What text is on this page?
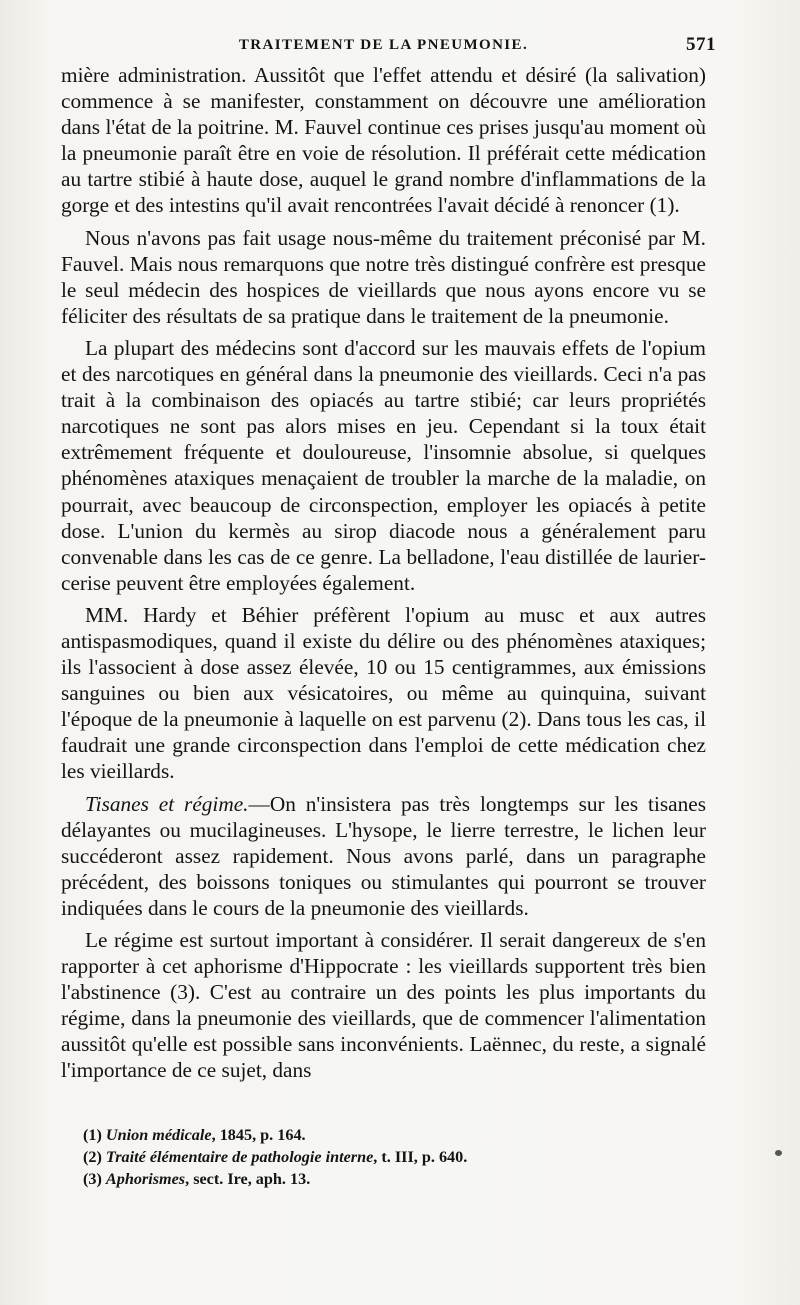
TRAITEMENT DE LA PNEUMONIE.	571

mière administration. Aussitôt que l'effet attendu et désiré (la salivation) commence à se manifester, constamment on découvre une amélioration dans l'état de la poitrine. M. Fauvel continue ces prises jusqu'au moment où la pneumonie paraît être en voie de résolution. Il préférait cette médication au tartre stibié à haute dose, auquel le grand nombre d'inflammations de la gorge et des intestins qu'il avait rencontrées l'avait décidé à renoncer (1).

Nous n'avons pas fait usage nous-même du traitement préconisé par M. Fauvel. Mais nous remarquons que notre très distingué confrère est presque le seul médecin des hospices de vieillards que nous ayons encore vu se féliciter des résultats de sa pratique dans le traitement de la pneumonie.

La plupart des médecins sont d'accord sur les mauvais effets de l'opium et des narcotiques en général dans la pneumonie des vieillards. Ceci n'a pas trait à la combinaison des opiacés au tartre stibié; car leurs propriétés narcotiques ne sont pas alors mises en jeu. Cependant si la toux était extrêmement fréquente et douloureuse, l'insomnie absolue, si quelques phénomènes ataxiques menaçaient de troubler la marche de la maladie, on pourrait, avec beaucoup de circonspection, employer les opiacés à petite dose. L'union du kermès au sirop diacode nous a généralement paru convenable dans les cas de ce genre. La belladone, l'eau distillée de laurier-cerise peuvent être employées également.

MM. Hardy et Béhier préfèrent l'opium au musc et aux autres antispasmodiques, quand il existe du délire ou des phénomènes ataxiques; ils l'associent à dose assez élevée, 10 ou 15 centigrammes, aux émissions sanguines ou bien aux vésicatoires, ou même au quinquina, suivant l'époque de la pneumonie à laquelle on est parvenu (2). Dans tous les cas, il faudrait une grande circonspection dans l'emploi de cette médication chez les vieillards.

Tisanes et régime.—On n'insistera pas très longtemps sur les tisanes délayantes ou mucilagineuses. L'hysope, le lierre terrestre, le lichen leur succéderont assez rapidement. Nous avons parlé, dans un paragraphe précédent, des boissons toniques ou stimulantes qui pourront se trouver indiquées dans le cours de la pneumonie des vieillards.

Le régime est surtout important à considérer. Il serait dangereux de s'en rapporter à cet aphorisme d'Hippocrate : les vieillards supportent très bien l'abstinence (3). C'est au contraire un des points les plus importants du régime, dans la pneumonie des vieillards, que de commencer l'alimentation aussitôt qu'elle est possible sans inconvénients. Laënnec, du reste, a signalé l'importance de ce sujet, dans

(1) Union médicale, 1845, p. 164.
(2) Traité élémentaire de pathologie interne, t. III, p. 640.
(3) Aphorismes, sect. Ire, aph. 13.
